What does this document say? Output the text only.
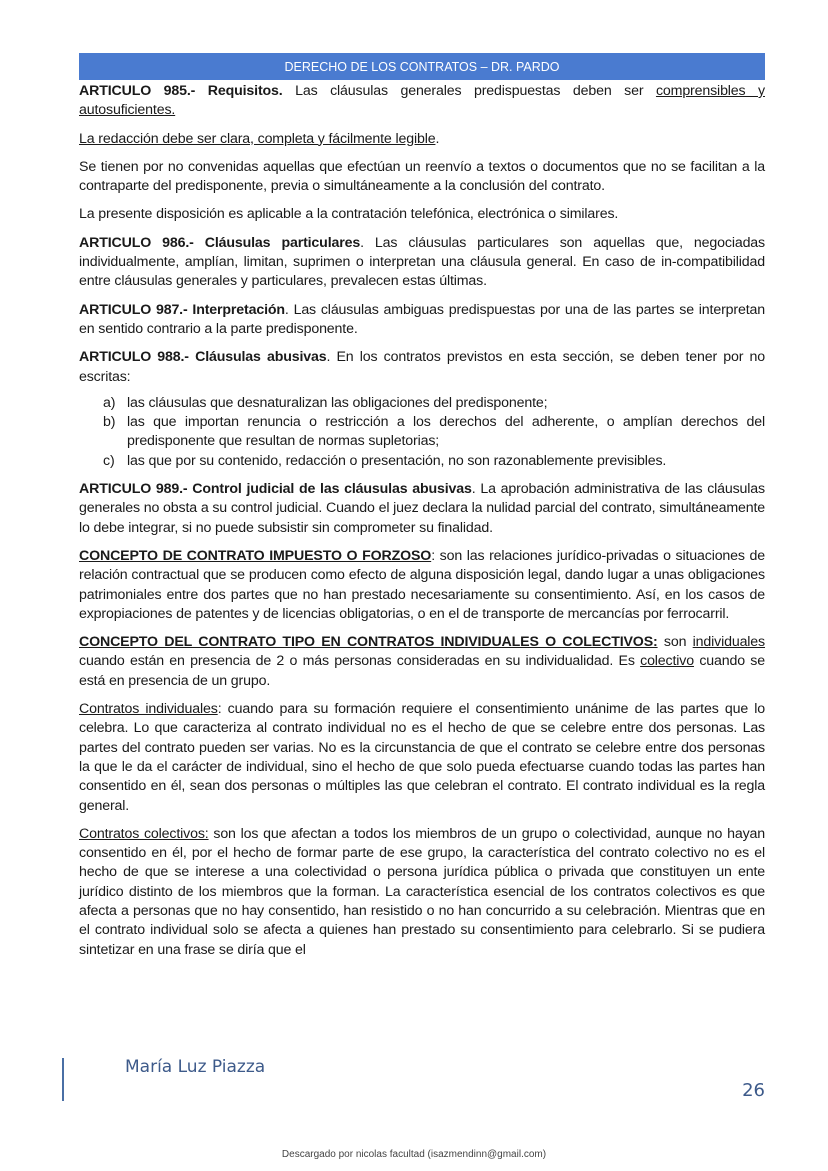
DERECHO DE LOS CONTRATOS – DR. PARDO

ARTICULO 985.- Requisitos. Las cláusulas generales predispuestas deben ser comprensibles y autosuficientes.

La redacción debe ser clara, completa y fácilmente legible.

Se tienen por no convenidas aquellas que efectúan un reenvío a textos o documentos que no se facilitan a la contraparte del predisponente, previa o simultáneamente a la conclusión del contrato.

La presente disposición es aplicable a la contratación telefónica, electrónica o similares.

ARTICULO 986.- Cláusulas particulares. Las cláusulas particulares son aquellas que, negociadas individualmente, amplían, limitan, suprimen o interpretan una cláusula general. En caso de in-compatibilidad entre cláusulas generales y particulares, prevalecen estas últimas.

ARTICULO 987.- Interpretación. Las cláusulas ambiguas predispuestas por una de las partes se interpretan en sentido contrario a la parte predisponente.

ARTICULO 988.- Cláusulas abusivas. En los contratos previstos en esta sección, se deben tener por no escritas:

a) las cláusulas que desnaturalizan las obligaciones del predisponente;
b) las que importan renuncia o restricción a los derechos del adherente, o amplían derechos del predisponente que resultan de normas supletorias;
c) las que por su contenido, redacción o presentación, no son razonablemente previsibles.

ARTICULO 989.- Control judicial de las cláusulas abusivas. La aprobación administrativa de las cláusulas generales no obsta a su control judicial. Cuando el juez declara la nulidad parcial del contrato, simultáneamente lo debe integrar, si no puede subsistir sin comprometer su finalidad.

CONCEPTO DE CONTRATO IMPUESTO O FORZOSO: son las relaciones jurídico-privadas o situaciones de relación contractual que se producen como efecto de alguna disposición legal, dando lugar a unas obligaciones patrimoniales entre dos partes que no han prestado necesariamente su consentimiento. Así, en los casos de expropiaciones de patentes y de licencias obligatorias, o en el de transporte de mercancías por ferrocarril.

CONCEPTO DEL CONTRATO TIPO EN CONTRATOS INDIVIDUALES O COLECTIVOS: son individuales cuando están en presencia de 2 o más personas consideradas en su individualidad. Es colectivo cuando se está en presencia de un grupo.

Contratos individuales: cuando para su formación requiere el consentimiento unánime de las partes que lo celebra. Lo que caracteriza al contrato individual no es el hecho de que se celebre entre dos personas. Las partes del contrato pueden ser varias. No es la circunstancia de que el contrato se celebre entre dos personas la que le da el carácter de individual, sino el hecho de que solo pueda efectuarse cuando todas las partes han consentido en él, sean dos personas o múltiples las que celebran el contrato. El contrato individual es la regla general.

Contratos colectivos: son los que afectan a todos los miembros de un grupo o colectividad, aunque no hayan consentido en él, por el hecho de formar parte de ese grupo, la característica del contrato colectivo no es el hecho de que se interese a una colectividad o persona jurídica pública o privada que constituyen un ente jurídico distinto de los miembros que la forman. La característica esencial de los contratos colectivos es que afecta a personas que no hay consentido, han resistido o no han concurrido a su celebración. Mientras que en el contrato individual solo se afecta a quienes han prestado su consentimiento para celebrarlo. Si se pudiera sintetizar en una frase se diría que el

María Luz Piazza
26
Descargado por nicolas facultad (isazmendinn@gmail.com)
